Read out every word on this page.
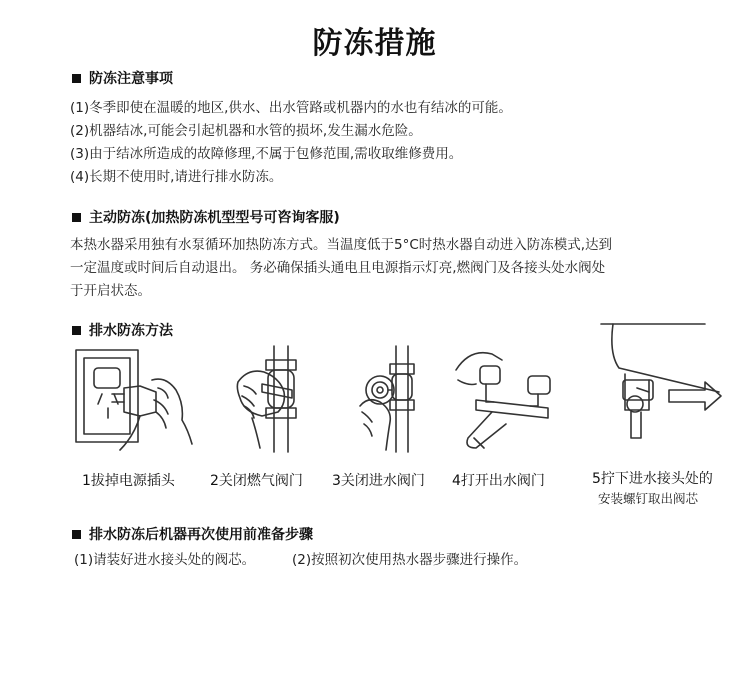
防冻措施
防冻注意事项
(1)冬季即使在温暖的地区,供水、出水管路或机器内的水也有结冰的可能。
(2)机器结冰,可能会引起机器和水管的损坏,发生漏水危险。
(3)由于结冰所造成的故障修理,不属于包修范围,需收取维修费用。
(4)长期不使用时,请进行排水防冻。
主动防冻(加热防冻机型型号可咨询客服)
本热水器采用独有水泵循环加热防冻方式。当温度低于5°C时热水器自动进入防冻模式,达到
一定温度或时间后自动退出。 务必确保插头通电且电源指示灯亮,燃阀门及各接头处水阀处
于开启状态。
排水防冻方法
1拔掉电源插头	2关闭燃气阀门 3关闭进水阀门 4打开出水阀门	5拧下进水接头处的
安装螺钉取出阀芯
排水防冻后机器再次使用前准备步骤
(1)请装好进水接头处的阀芯。	(2)按照初次使用热水器步骤进行操作。
